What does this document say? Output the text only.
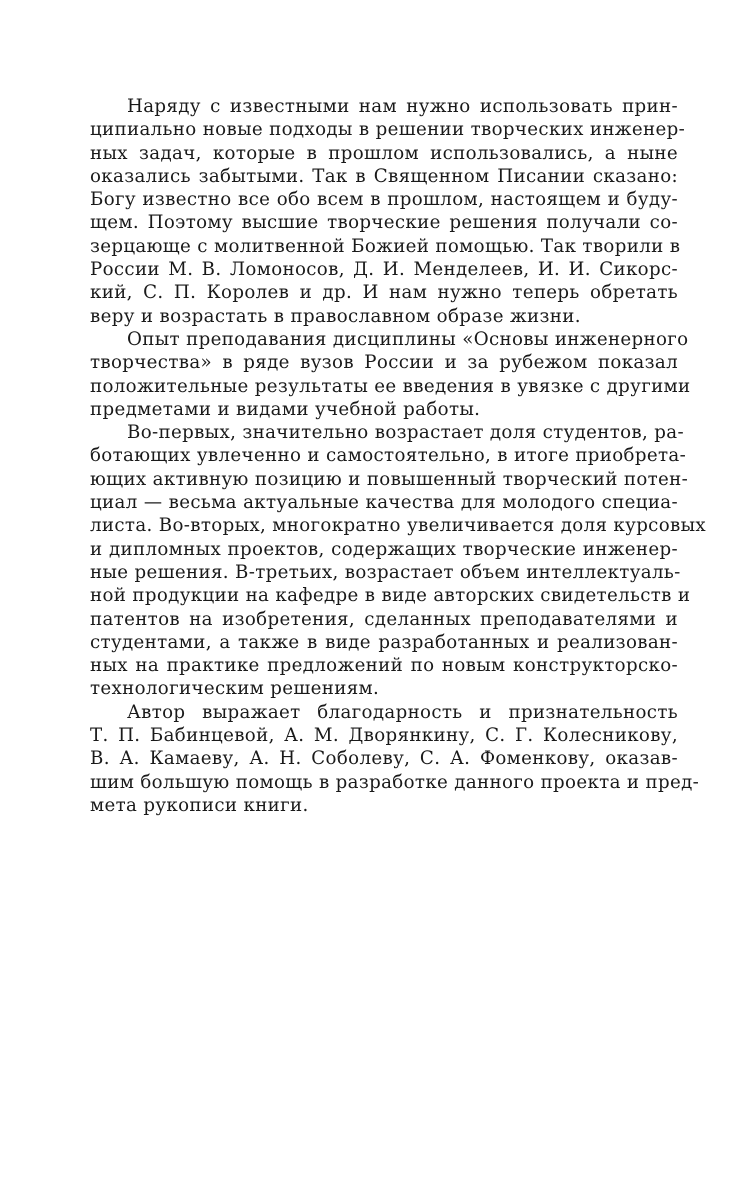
Наряду с известными нам нужно использовать прин-
ципиально новые подходы в решении творческих инженер-
ных задач, которые в прошлом использовались, а ныне
оказались забытыми. Так в Священном Писании сказано:
Богу известно все обо всем в прошлом, настоящем и буду-
щем. Поэтому высшие творческие решения получали со-
зерцающе с молитвенной Божией помощью. Так творили в
России М. В. Ломоносов, Д. И. Менделеев, И. И. Сикорс-
кий, С. П. Королев и др. И нам нужно теперь обретать
веру и возрастать в православном образе жизни.
Опыт преподавания дисциплины «Основы инженерного
творчества» в ряде вузов России и за рубежом показал
положительные результаты ее введения в увязке с другими
предметами и видами учебной работы.
Во-первых, значительно возрастает доля студентов, ра-
ботающих увлеченно и самостоятельно, в итоге приобрета-
ющих активную позицию и повышенный творческий потен-
циал — весьма актуальные качества для молодого специа-
листа. Во-вторых, многократно увеличивается доля курсовых
и дипломных проектов, содержащих творческие инженер-
ные решения. В-третьих, возрастает объем интеллектуаль-
ной продукции на кафедре в виде авторских свидетельств и
патентов на изобретения, сделанных преподавателями и
студентами, а также в виде разработанных и реализован-
ных на практике предложений по новым конструкторско-
технологическим решениям.
Автор выражает благодарность и признательность
Т. П. Бабинцевой, А. М. Дворянкину, С. Г. Колесникову,
В. А. Камаеву, А. Н. Соболеву, С. А. Фоменкову, оказав-
шим большую помощь в разработке данного проекта и пред-
мета рукописи книги.
